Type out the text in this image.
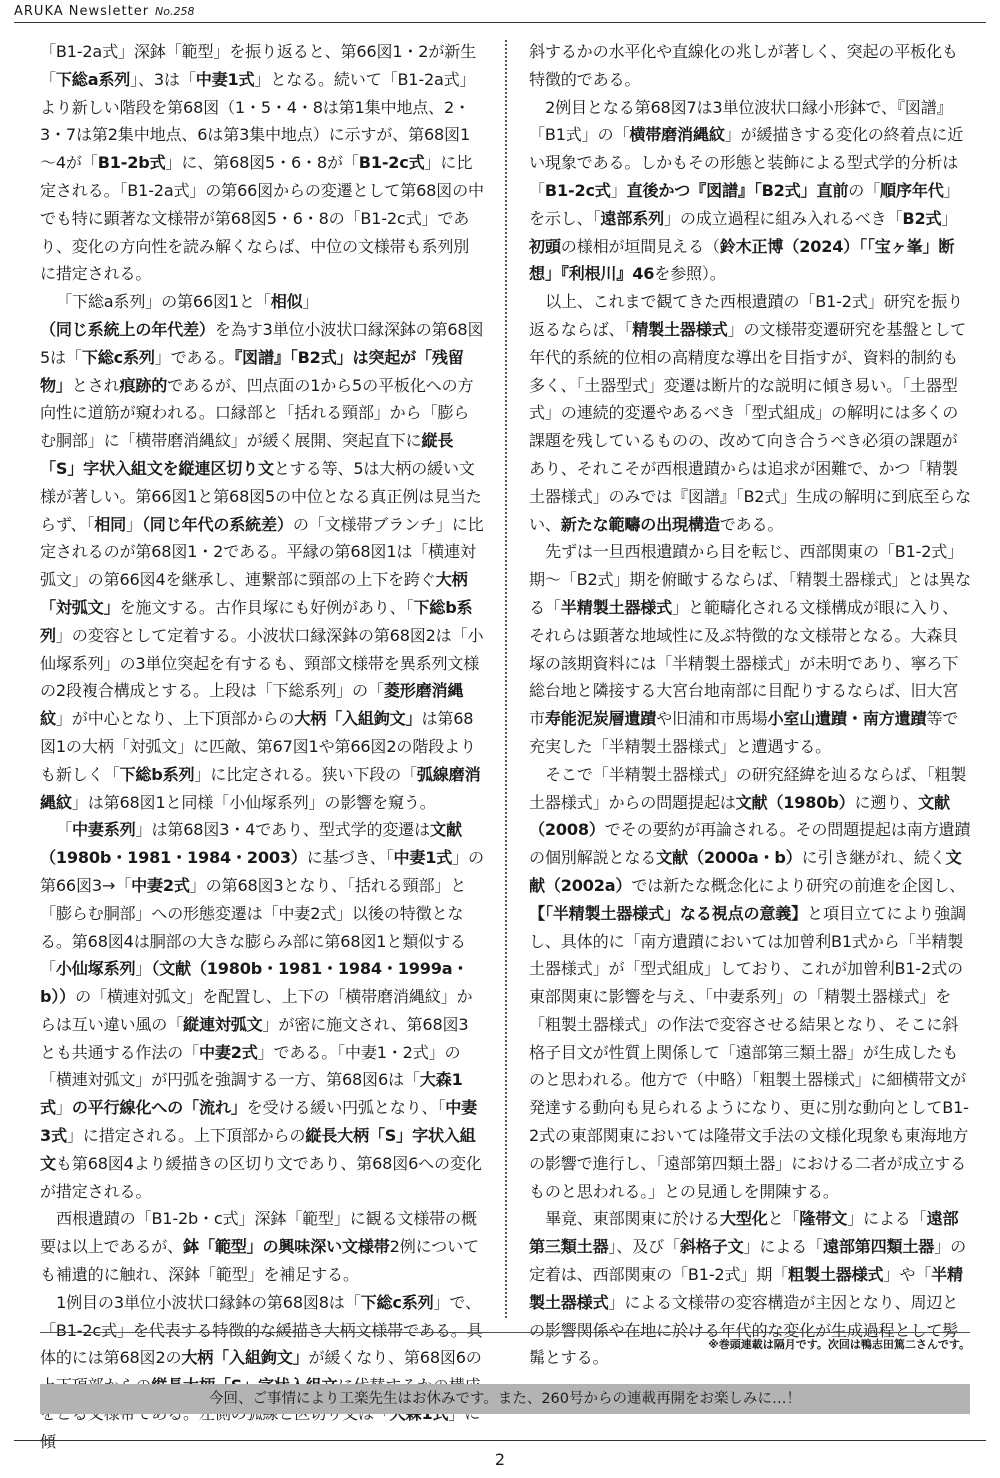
ARUKA Newsletter No.258

「B1-2a式」深鉢「範型」を振り返ると、第66図1・2が新生「下総a系列」、3は「中妻1式」となる。続いて「B1-2a式」より新しい階段を第68図（1・5・4・8は第1集中地点、2・3・7は第2集中地点、6は第3集中地点）に示すが、第68図1～4が「B1-2b式」に、第68図5・6・8が「B1-2c式」に比定される。「B1-2a式」の第66図からの変遷として第68図の中でも特に顕著な文様帯が第68図5・6・8の「B1-2c式」であり、変化の方向性を読み解くならば、中位の文様帯も系列別に措定される。

「下総a系列」の第66図1と「相似」（同じ系統上の年代差）を為す3単位小波状口縁深鉢の第68図5は「下総c系列」である。『図譜』「B2式」は突起が「残留物」とされ痕跡的であるが、凹点面の1から5の平板化への方向性に道筋が窺われる。口縁部と「括れる頸部」から「膨らむ胴部」に「横帯磨消縄紋」が緩く展開、突起直下に縦長「S」字状入組文を縦連区切り文とする等、5は大柄の緩い文様が著しい。第66図1と第68図5の中位となる真正例は見当たらず、「相同」（同じ年代の系統差）の「文様帯ブランチ」に比定されるのが第68図1・2である。平縁の第68図1は「横連対弧文」の第66図4を継承し、連繋部に頸部の上下を跨ぐ大柄「対弧文」を施文する。古作貝塚にも好例があり、「下総b系列」の変容として定着する。小波状口縁深鉢の第68図2は「小仙塚系列」の3単位突起を有するも、頸部文様帯を異系列文様の2段複合構成とする。上段は「下総系列」の「菱形磨消縄紋」が中心となり、上下頂部からの大柄「入組鉤文」は第68図1の大柄「対弧文」に匹敵、第67図1や第66図2の階段よりも新しく「下総b系列」に比定される。狭い下段の「弧線磨消縄紋」は第68図1と同様「小仙塚系列」の影響を窺う。

「中妻系列」は第68図3・4であり、型式学的変遷は文献（1980b・1981・1984・2003）に基づき、「中妻1式」の第66図3→「中妻2式」の第68図3となり、「括れる頸部」と「膨らむ胴部」への形態変遷は「中妻2式」以後の特徴となる。第68図4は胴部の大きな膨らみ部に第68図1と類似する「小仙塚系列」（文献（1980b・1981・1984・1999a・b））の「横連対弧文」を配置し、上下の「横帯磨消縄紋」からは互い違い風の「縦連対弧文」が密に施文され、第68図3とも共通する作法の「中妻2式」である。「中妻1・2式」の「横連対弧文」が円弧を強調する一方、第68図6は「大森1式」の平行線化への「流れ」を受ける緩い円弧となり、「中妻3式」に措定される。上下頂部からの縦長大柄「S」字状入組文も第68図4より緩描きの区切り文であり、第68図6への変化が措定される。

西根遺蹟の「B1-2b・c式」深鉢「範型」に観る文様帯の概要は以上であるが、鉢「範型」の興味深い文様帯2例についても補遺的に触れ、深鉢「範型」を補足する。

1例目の3単位小波状口縁鉢の第68図8は「下総c系列」で、「B1-2c式」を代表する特徴的な緩描き大柄文様帯である。具体的には第68図2の大柄「入組鉤文」が緩くなり、第68図6の 傾

斜するかの水平化や直線化の兆しが著しく、突起の平板化も特徴的である。

2例目となる第68図7は3単位波状口縁小形鉢で、『図譜』「B1式」の「横帯磨消縄紋」が緩描きする変化の終着点に近い現象である。しかもその形態と装飾による型式学的分析は「B1-2c式」直後かつ『図譜』「B2式」直前の「順序年代」を示し、「遠部系列」の成立過程に組み入れるべき「B2式」初頭の様相が垣間見える（鈴木正博（2024）「「宝ヶ峯」断想」『利根川』46を参照）。

以上、これまで観てきた西根遺蹟の「B1-2式」研究を振り返るならば、「精製土器様式」の文様帯変遷研究を基盤として年代的系統的位相の高精度な導出を目指すが、資料的制約も多く、「土器型式」変遷は断片的な説明に傾き易い。「土器型式」の連続的変遷やあるべき「型式組成」の解明には多くの課題を残しているものの、改めて向き合うべき必須の課題があり、それこそが西根遺蹟からは追求が困難で、かつ「精製土器様式」のみでは『図譜』「B2式」生成の解明に到底至らない、新たな範疇の出現構造である。

先ずは一旦西根遺蹟から目を転じ、西部関東の「B1-2式」期～「B2式」期を俯瞰するならば、「精製土器様式」とは異なる「半精製土器様式」と範疇化される文様構成が眼に入り、それらは顕著な地域性に及ぶ特徴的な文様帯となる。大森貝塚の該期資料には「半精製土器様式」が未明であり、寧ろ下総台地と隣接する大宮台地南部に目配りするならば、旧大宮市寿能泥炭層遺蹟や旧浦和市馬場小室山遺蹟・南方遺蹟等で充実した「半精製土器様式」と遭遇する。

そこで「半精製土器様式」の研究経緯を辿るならば、「粗製土器様式」からの問題提起は文献（1980b）に遡り、文献（2008）でその要約が再論される。その問題提起は南方遺蹟の個別解説となる文献（2000a・b）に引き継がれ、続く文献（2002a）では新たな概念化により研究の前進を企図し、【「半精製土器様式」なる視点の意義】と項目立てにより強調し、具体的に「南方遺蹟においては加曾利B1式から「半精製土器様式」が「型式組成」しており、これが加曾利B1-2式の東部関東に影響を与え、「中妻系列」の「精製土器様式」を「粗製土器様式」の作法で変容させる結果となり、そこに斜格子目文が性質上関係して「遠部第三類土器」が生成したものと思われる。他方で（中略）「粗製土器様式」に細横帯文が発達する動向も見られるようになり、更に別な動向としてB1-2式の東部関東においては隆帯文手法の文様化現象も東海地方の影響で進行し、「遠部第四類土器」における二者が成立するものと思われる。」との見通しを開陳する。

畢竟、東部関東に於ける大型化と「隆帯文」による「遠部第三類土器」、及び「斜格子文」による「遠部第四類土器」の定着は、西部関東の「B1-2式」期「粗製土器様式」や「半精製土器様式」による文様帯の変容構造が主因となり、周辺との影響関係や在地に於ける年代的な変化が生成過程として髣髴とする。

※巻頭連載は隔月です。次回は鴨志田篤二さんです。
今回、ご事情により工楽先生はお休みです。また、260号からの連載再開をお楽しみに…！
2
